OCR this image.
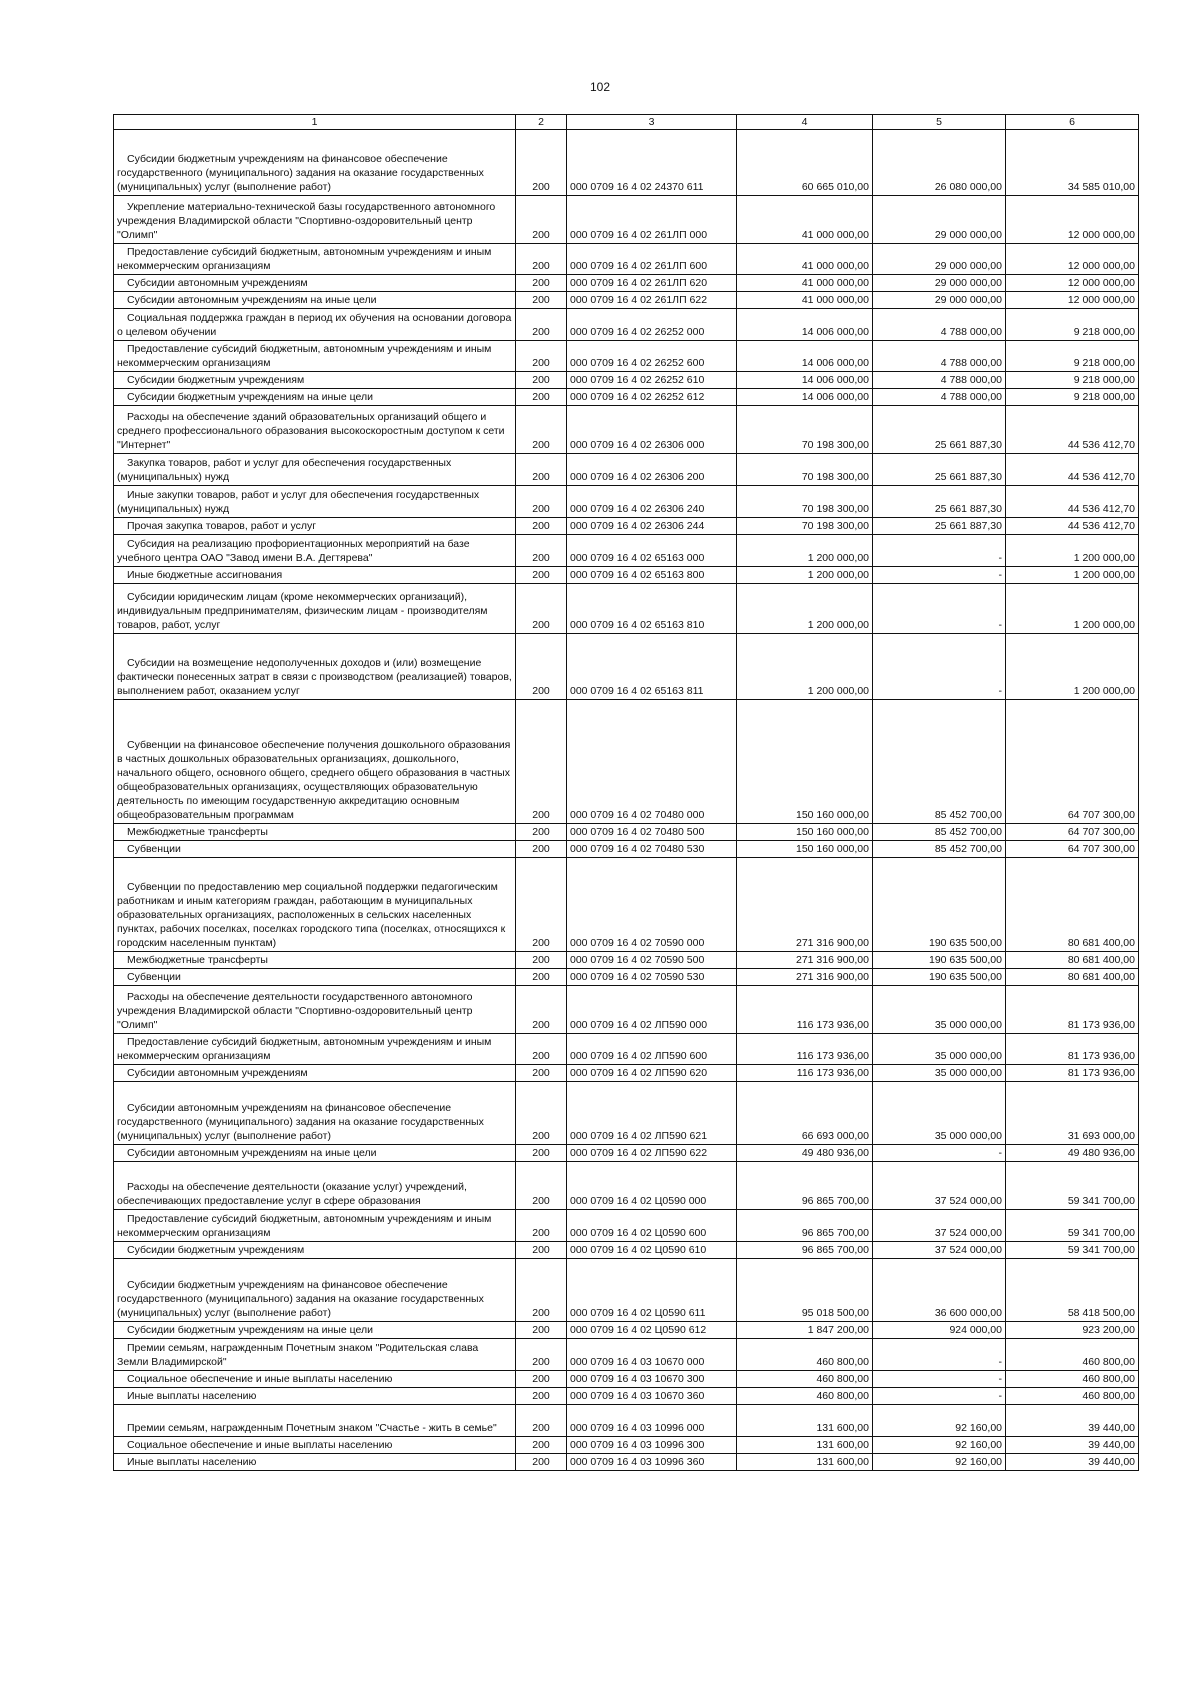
102
1	2	3	4	5	6
Субсидии бюджетным учреждениям на финансовое обеспечение государственного (муниципального) задания на оказание государственных (муниципальных) услуг (выполнение работ)	200	000 0709 16 4 02 24370 611	60 665 010,00	26 080 000,00	34 585 010,00
Укрепление материально-технической базы государственного автономного учреждения Владимирской области "Спортивно-оздоровительный центр "Олимп"	200	000 0709 16 4 02 261ЛП 000	41 000 000,00	29 000 000,00	12 000 000,00
Предоставление субсидий бюджетным, автономным учреждениям и иным некоммерческим организациям	200	000 0709 16 4 02 261ЛП 600	41 000 000,00	29 000 000,00	12 000 000,00
Субсидии автономным учреждениям	200	000 0709 16 4 02 261ЛП 620	41 000 000,00	29 000 000,00	12 000 000,00
Субсидии автономным учреждениям на иные цели	200	000 0709 16 4 02 261ЛП 622	41 000 000,00	29 000 000,00	12 000 000,00
Социальная поддержка граждан в период их обучения на основании договора о целевом обучении	200	000 0709 16 4 02 26252 000	14 006 000,00	4 788 000,00	9 218 000,00
Предоставление субсидий бюджетным, автономным учреждениям и иным некоммерческим организациям	200	000 0709 16 4 02 26252 600	14 006 000,00	4 788 000,00	9 218 000,00
Субсидии бюджетным учреждениям	200	000 0709 16 4 02 26252 610	14 006 000,00	4 788 000,00	9 218 000,00
Субсидии бюджетным учреждениям на иные цели	200	000 0709 16 4 02 26252 612	14 006 000,00	4 788 000,00	9 218 000,00
Расходы на обеспечение зданий образовательных организаций общего и среднего профессионального образования высокоскоростным доступом к сети "Интернет"	200	000 0709 16 4 02 26306 000	70 198 300,00	25 661 887,30	44 536 412,70
Закупка товаров, работ и услуг для обеспечения государственных (муниципальных) нужд	200	000 0709 16 4 02 26306 200	70 198 300,00	25 661 887,30	44 536 412,70
Иные закупки товаров, работ и услуг для обеспечения государственных (муниципальных) нужд	200	000 0709 16 4 02 26306 240	70 198 300,00	25 661 887,30	44 536 412,70
Прочая закупка товаров, работ и услуг	200	000 0709 16 4 02 26306 244	70 198 300,00	25 661 887,30	44 536 412,70
Субсидия на реализацию профориентационных мероприятий на базе учебного центра ОАО "Завод имени В.А. Дегтярева"	200	000 0709 16 4 02 65163 000	1 200 000,00	-	1 200 000,00
Иные бюджетные ассигнования	200	000 0709 16 4 02 65163 800	1 200 000,00	-	1 200 000,00
Субсидии юридическим лицам (кроме некоммерческих организаций), индивидуальным предпринимателям, физическим лицам - производителям товаров, работ, услуг	200	000 0709 16 4 02 65163 810	1 200 000,00	-	1 200 000,00
Субсидии на возмещение недополученных доходов и (или) возмещение фактически понесенных затрат в связи с производством (реализацией) товаров, выполнением работ, оказанием услуг	200	000 0709 16 4 02 65163 811	1 200 000,00	-	1 200 000,00
Субвенции на финансовое обеспечение получения дошкольного образования в частных дошкольных образовательных организациях, дошкольного, начального общего, основного общего, среднего общего образования в частных общеобразовательных организациях, осуществляющих образовательную деятельность по имеющим государственную аккредитацию основным общеобразовательным программам	200	000 0709 16 4 02 70480 000	150 160 000,00	85 452 700,00	64 707 300,00
Межбюджетные трансферты	200	000 0709 16 4 02 70480 500	150 160 000,00	85 452 700,00	64 707 300,00
Субвенции	200	000 0709 16 4 02 70480 530	150 160 000,00	85 452 700,00	64 707 300,00
Субвенции по предоставлению мер социальной поддержки педагогическим работникам и иным категориям граждан, работающим в муниципальных образовательных организациях, расположенных в сельских населенных пунктах, рабочих поселках, поселках городского типа (поселках, относящихся к городским населенным пунктам)	200	000 0709 16 4 02 70590 000	271 316 900,00	190 635 500,00	80 681 400,00
Межбюджетные трансферты	200	000 0709 16 4 02 70590 500	271 316 900,00	190 635 500,00	80 681 400,00
Субвенции	200	000 0709 16 4 02 70590 530	271 316 900,00	190 635 500,00	80 681 400,00
Расходы на обеспечение деятельности государственного автономного учреждения Владимирской области "Спортивно-оздоровительный центр "Олимп"	200	000 0709 16 4 02 ЛП590 000	116 173 936,00	35 000 000,00	81 173 936,00
Предоставление субсидий бюджетным, автономным учреждениям и иным некоммерческим организациям	200	000 0709 16 4 02 ЛП590 600	116 173 936,00	35 000 000,00	81 173 936,00
Субсидии автономным учреждениям	200	000 0709 16 4 02 ЛП590 620	116 173 936,00	35 000 000,00	81 173 936,00
Субсидии автономным учреждениям на финансовое обеспечение государственного (муниципального) задания на оказание государственных (муниципальных) услуг (выполнение работ)	200	000 0709 16 4 02 ЛП590 621	66 693 000,00	35 000 000,00	31 693 000,00
Субсидии автономным учреждениям на иные цели	200	000 0709 16 4 02 ЛП590 622	49 480 936,00	-	49 480 936,00
Расходы на обеспечение деятельности (оказание услуг) учреждений, обеспечивающих предоставление услуг в сфере образования	200	000 0709 16 4 02 Ц0590 000	96 865 700,00	37 524 000,00	59 341 700,00
Предоставление субсидий бюджетным, автономным учреждениям и иным некоммерческим организациям	200	000 0709 16 4 02 Ц0590 600	96 865 700,00	37 524 000,00	59 341 700,00
Субсидии бюджетным учреждениям	200	000 0709 16 4 02 Ц0590 610	96 865 700,00	37 524 000,00	59 341 700,00
Субсидии бюджетным учреждениям на финансовое обеспечение государственного (муниципального) задания на оказание государственных (муниципальных) услуг (выполнение работ)	200	000 0709 16 4 02 Ц0590 611	95 018 500,00	36 600 000,00	58 418 500,00
Субсидии бюджетным учреждениям на иные цели	200	000 0709 16 4 02 Ц0590 612	1 847 200,00	924 000,00	923 200,00
Премии семьям, награжденным Почетным знаком "Родительская слава Земли Владимирской"	200	000 0709 16 4 03 10670 000	460 800,00	-	460 800,00
Социальное обеспечение и иные выплаты населению	200	000 0709 16 4 03 10670 300	460 800,00	-	460 800,00
Иные выплаты населению	200	000 0709 16 4 03 10670 360	460 800,00	-	460 800,00
Премии семьям, награжденным Почетным знаком "Счастье - жить в семье"	200	000 0709 16 4 03 10996 000	131 600,00	92 160,00	39 440,00
Социальное обеспечение и иные выплаты населению	200	000 0709 16 4 03 10996 300	131 600,00	92 160,00	39 440,00
Иные выплаты населению	200	000 0709 16 4 03 10996 360	131 600,00	92 160,00	39 440,00
